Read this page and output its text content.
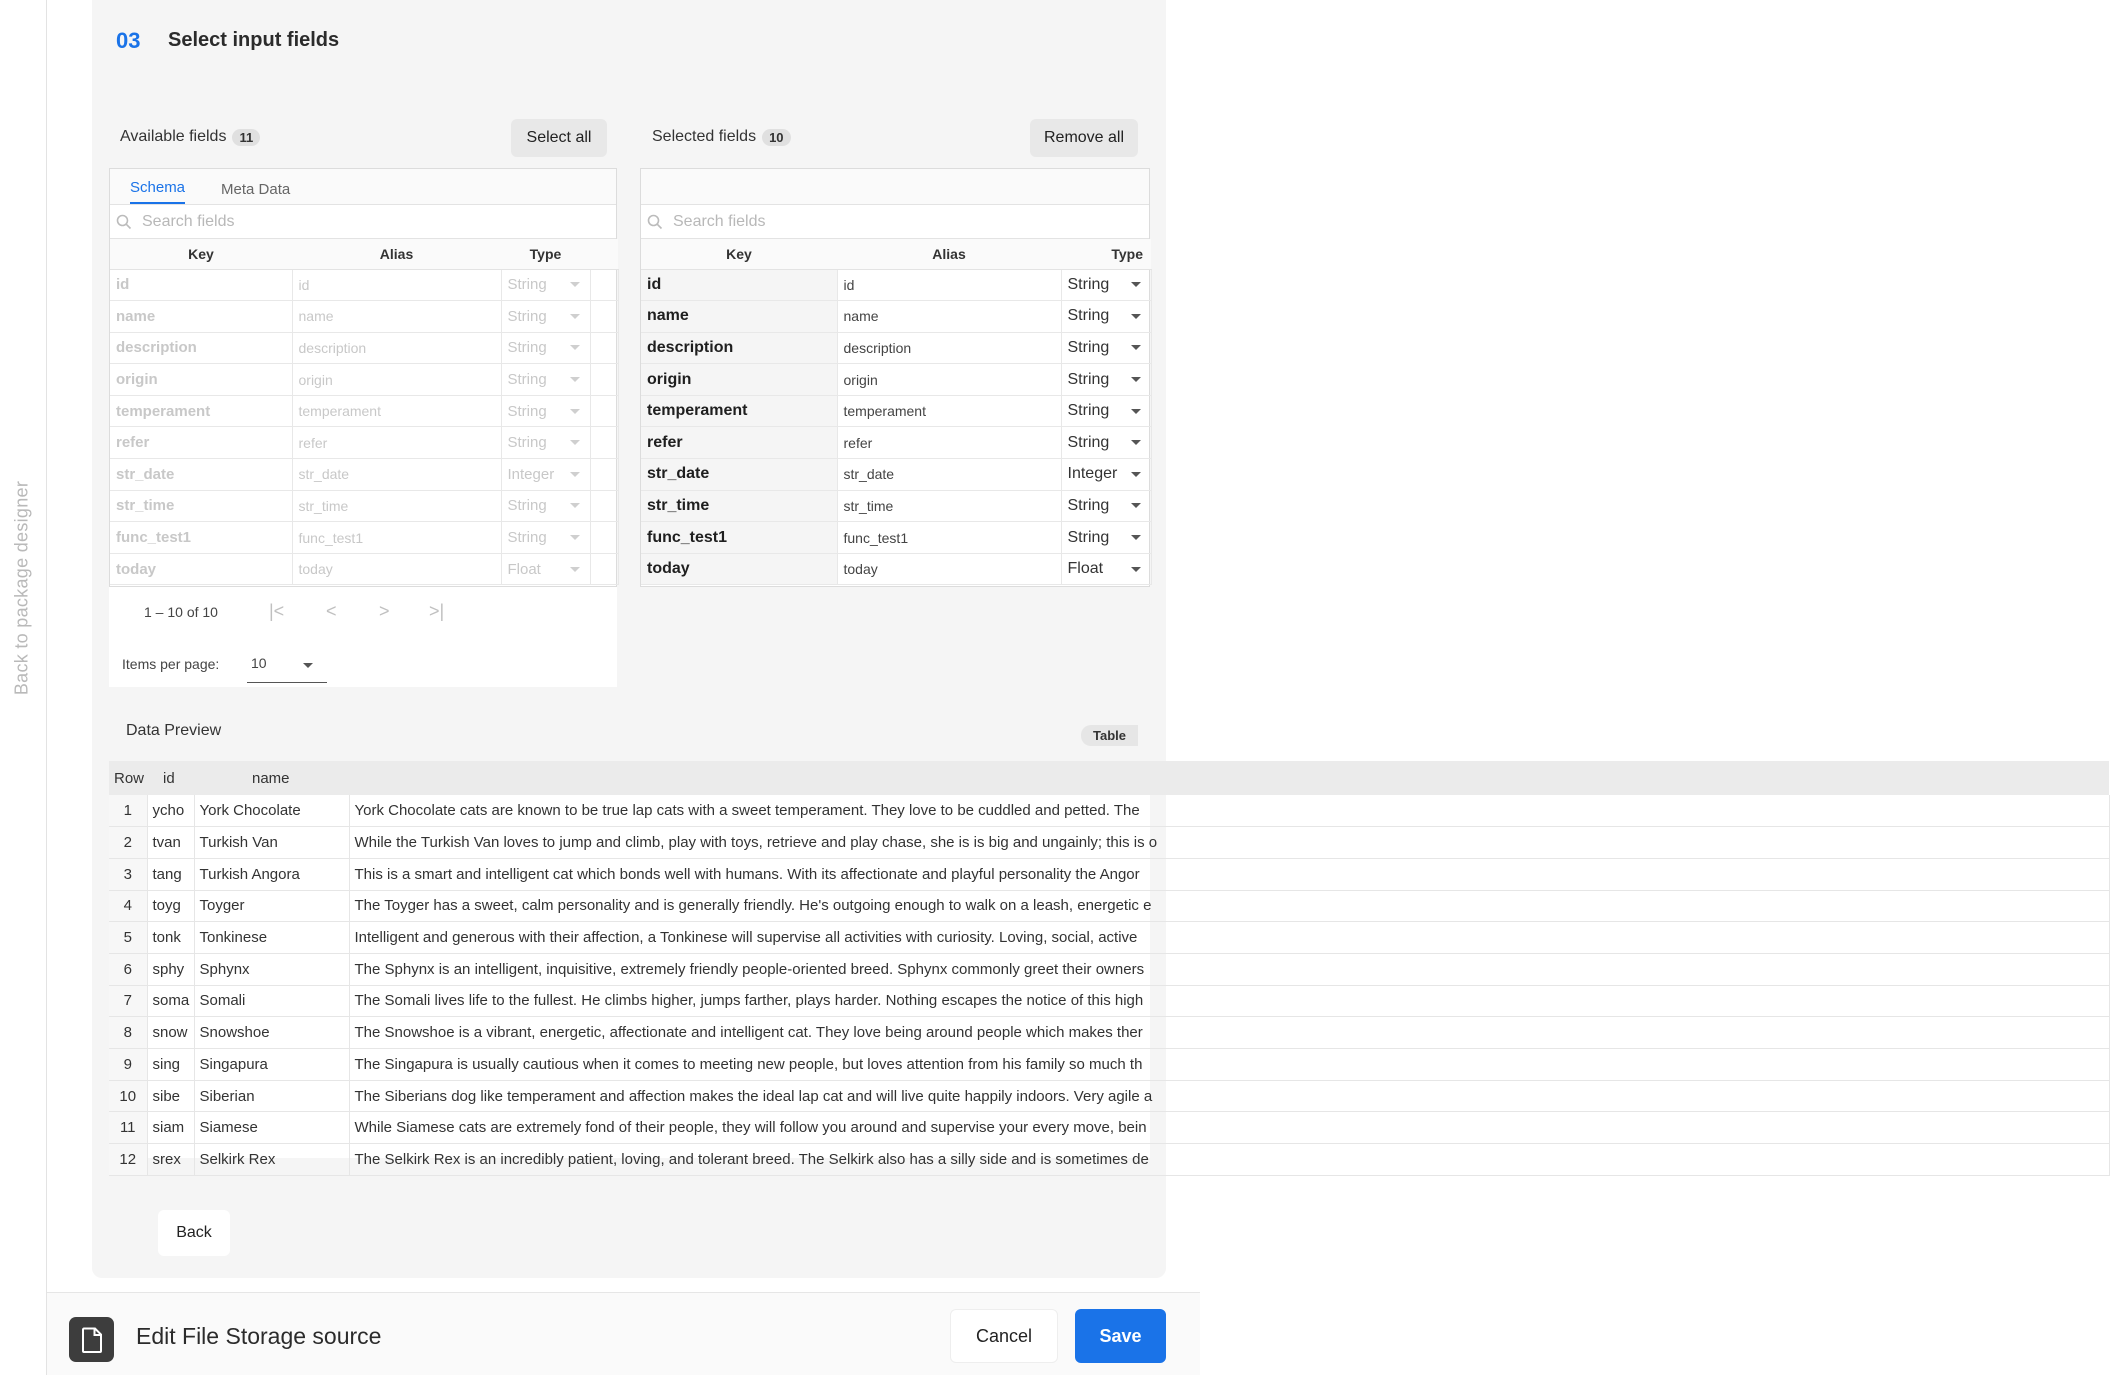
Back to package designer
03 Select input fields
Available fields	11	Select all	Selected fields	10	Remove all
Schema Meta Data
Search fields
Key	Alias	Type	
id	id	String	

name	name	String	

description	description	String	

origin	origin	String	

temperament	temperament	String	

refer	refer	String	

str_date	str_date	Integer	

str_time	str_time	String	

func_test1	func_test1	String	

today	today	Float	

1 – 10 of 10	|< < > >|
Items per page: 10
Search fields
Key	Alias	Type
id	id	String

name	name	String

description	description	String

origin	origin	String

temperament	temperament	String

refer	refer	String

str_date	str_date	Integer

str_time	str_time	String

func_test1	func_test1	String

today	today	Float
Data Preview	Table
Row	id	name	
1	ycho	York Chocolate	York Chocolate cats are known to be true lap cats with a sweet temperament. They love to be cuddled and petted. The
2	tvan	Turkish Van	While the Turkish Van loves to jump and climb, play with toys, retrieve and play chase, she is is big and ungainly; this is o
3	tang	Turkish Angora	This is a smart and intelligent cat which bonds well with humans. With its affectionate and playful personality the Angor
4	toyg	Toyger	The Toyger has a sweet, calm personality and is generally friendly. He's outgoing enough to walk on a leash, energetic e
5	tonk	Tonkinese	Intelligent and generous with their affection, a Tonkinese will supervise all activities with curiosity. Loving, social, active
6	sphy	Sphynx	The Sphynx is an intelligent, inquisitive, extremely friendly people-oriented breed. Sphynx commonly greet their owners
7	soma	Somali	The Somali lives life to the fullest. He climbs higher, jumps farther, plays harder. Nothing escapes the notice of this high
8	snow	Snowshoe	The Snowshoe is a vibrant, energetic, affectionate and intelligent cat. They love being around people which makes ther
9	sing	Singapura	The Singapura is usually cautious when it comes to meeting new people, but loves attention from his family so much th
10	sibe	Siberian	The Siberians dog like temperament and affection makes the ideal lap cat and will live quite happily indoors. Very agile a
11	siam	Siamese	While Siamese cats are extremely fond of their people, they will follow you around and supervise your every move, bein
12	srex	Selkirk Rex	The Selkirk Rex is an incredibly patient, loving, and tolerant breed. The Selkirk also has a silly side and is sometimes de
Back
Edit File Storage source	Cancel	Save
